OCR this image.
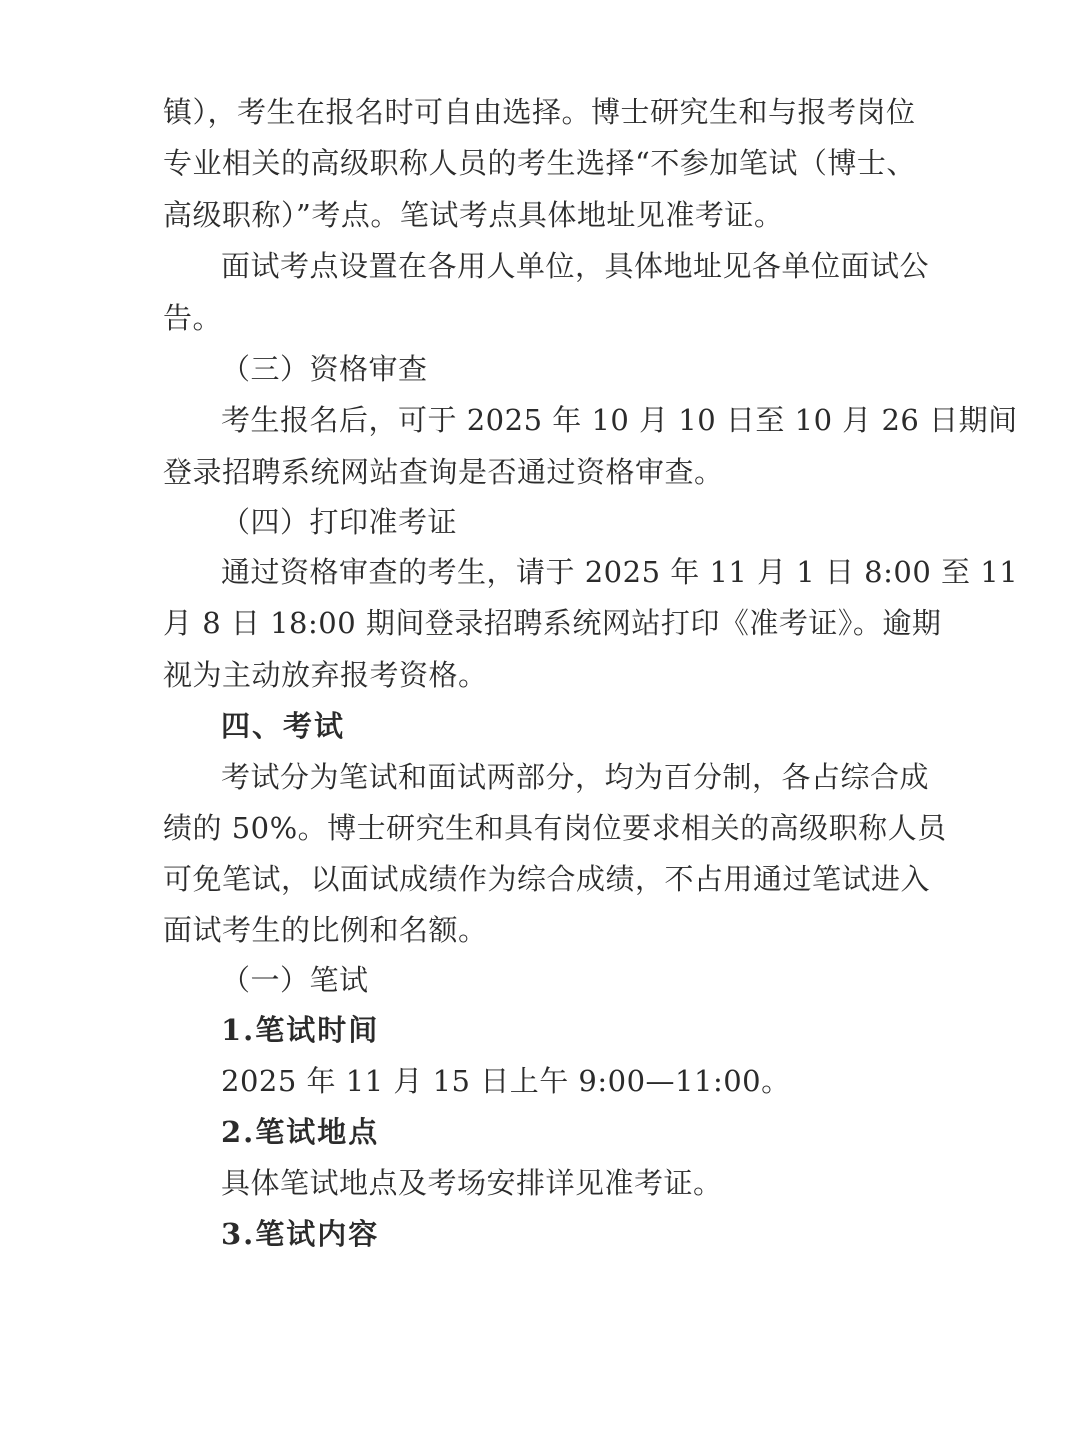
镇），考生在报名时可自由选择。博士研究生和与报考岗位
专业相关的高级职称人员的考生选择“不参加笔试（博士、
高级职称）”考点。笔试考点具体地址见准考证。
面试考点设置在各用人单位，具体地址见各单位面试公
告。
（三）资格审查
考生报名后，可于 2025 年 10 月 10 日至 10 月 26 日期间
登录招聘系统网站查询是否通过资格审查。
（四）打印准考证
通过资格审查的考生，请于 2025 年 11 月 1 日 8:00 至 11
月 8 日 18:00 期间登录招聘系统网站打印《准考证》。逾期
视为主动放弃报考资格。
四、考试
考试分为笔试和面试两部分，均为百分制，各占综合成
绩的 50%。博士研究生和具有岗位要求相关的高级职称人员
可免笔试，以面试成绩作为综合成绩，不占用通过笔试进入
面试考生的比例和名额。
（一）笔试
1.笔试时间
2025 年 11 月 15 日上午 9:00—11:00。
2.笔试地点
具体笔试地点及考场安排详见准考证。
3.笔试内容
